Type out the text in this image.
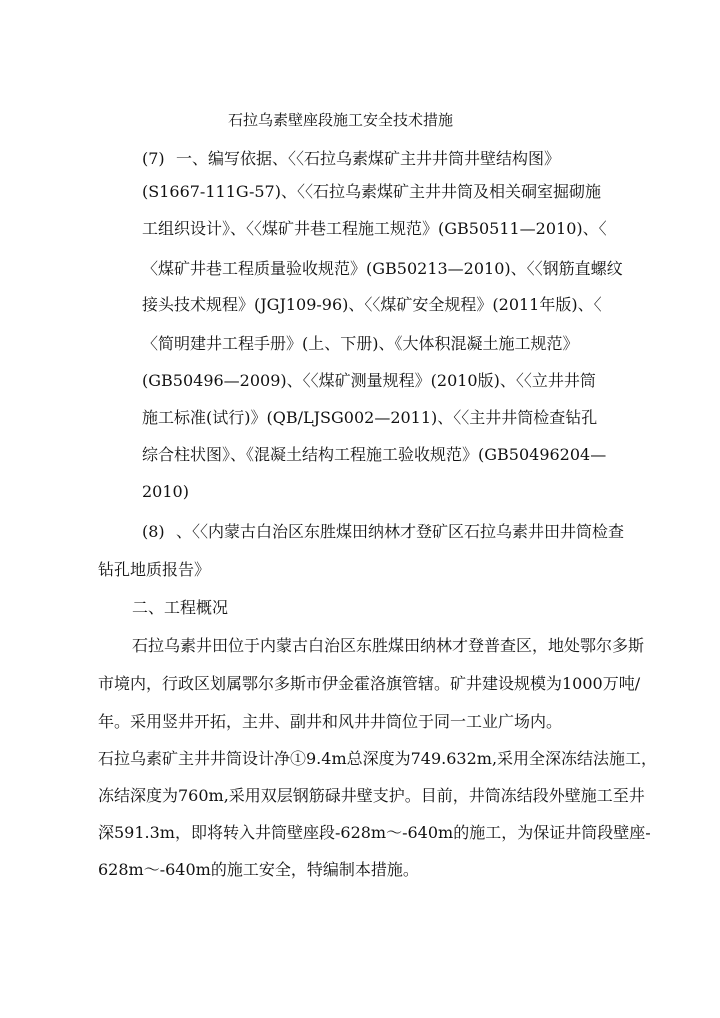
石拉乌素壁座段施工安全技术措施
(7) 一、编写依据、〈〈石拉乌素煤矿主井井筒井壁结构图》
(S1667-111G-57)、〈〈石拉乌素煤矿主井井筒及相关硐室掘砌施
工组织设计》、〈〈煤矿井巷工程施工规范》(GB50511—2010)、〈
〈煤矿井巷工程质量验收规范》(GB50213—2010)、〈〈钢筋直螺纹
接头技术规程》(JGJ109-96)、〈〈煤矿安全规程》(2011年版)、〈
〈简明建井工程手册》(上、下册)、《大体积混凝土施工规范》
(GB50496—2009)、〈〈煤矿测量规程》(2010版)、〈〈立井井筒
施工标准(试行)》(QB/LJSG002—2011)、〈〈主井井筒检查钻孔
综合柱状图》、《混凝土结构工程施工验收规范》(GB50496204—
2010)
(8) 、〈〈内蒙古白治区东胜煤田纳林才登矿区石拉乌素井田井筒检查
钻孔地质报告》
二、工程概况
石拉乌素井田位于内蒙古白治区东胜煤田纳林才登普查区，地处鄂尔多斯
市境内，行政区划属鄂尔多斯市伊金霍洛旗管辖。矿井建设规模为1000万吨/
年。采用竖井开拓，主井、副井和风井井筒位于同一工业广场内。
石拉乌素矿主井井筒设计净①9.4m总深度为749.632m,采用全深冻结法施工，
冻结深度为760m,采用双层钢筋碌井壁支护。目前，井筒冻结段外壁施工至井
深591.3m，即将转入井筒壁座段-628m〜-640m的施工，为保证井筒段壁座-
628m〜-640m的施工安全，特编制本措施。
